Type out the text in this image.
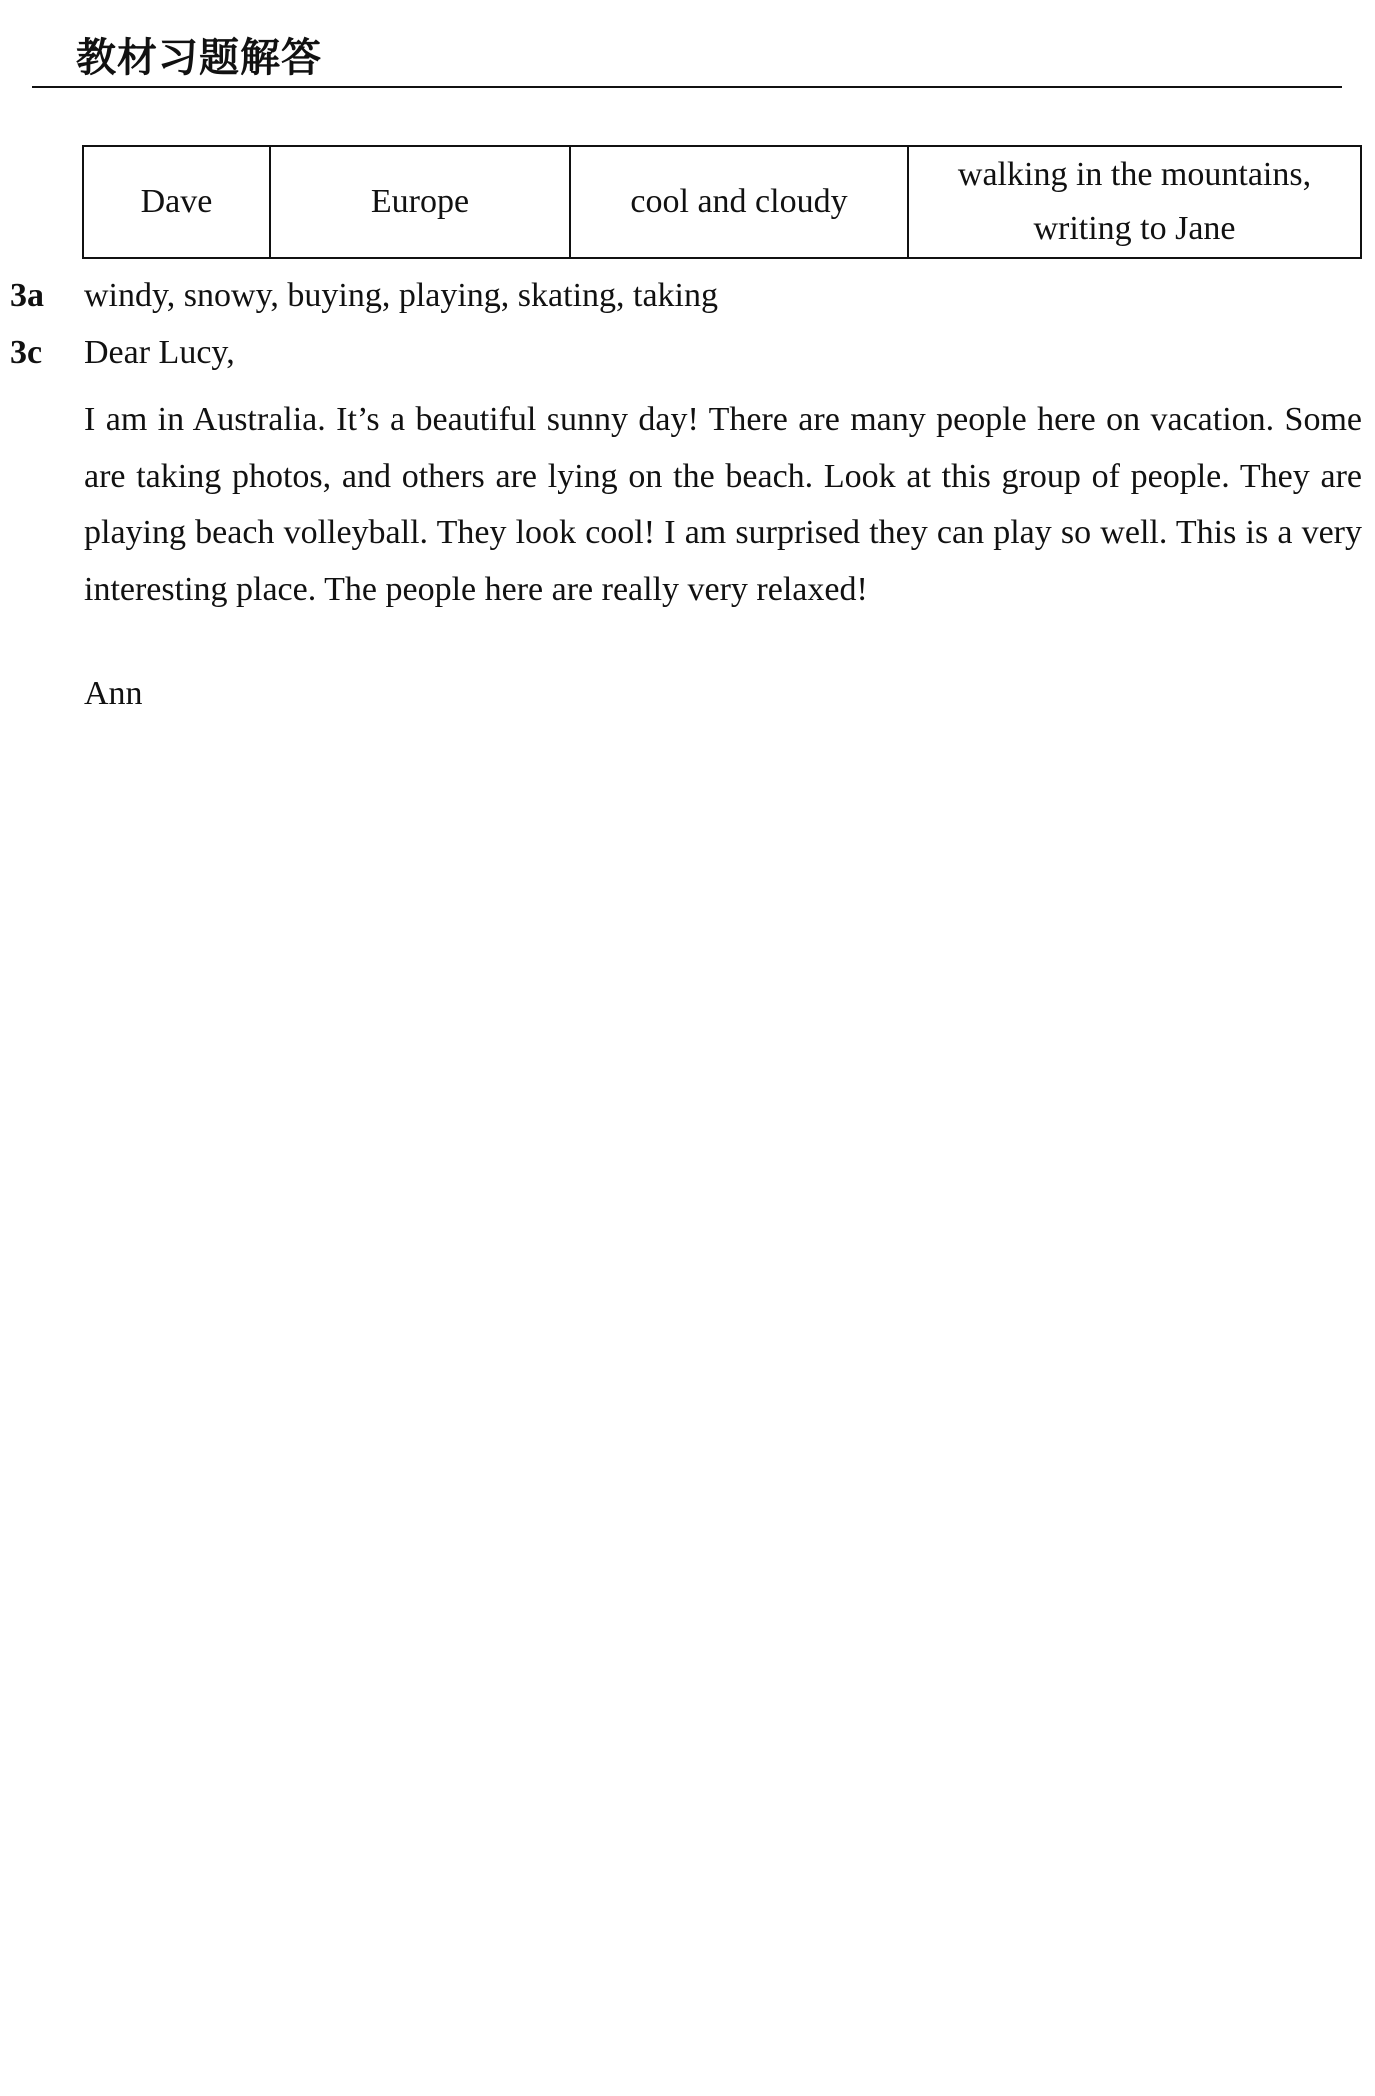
教材习题解答
Dave	Europe	cool and cloudy	walking in the mountains, writing to Jane
3a windy, snowy, buying, playing, skating, taking
3c Dear Lucy,
I am in Australia. It’s a beautiful sunny day! There are many people here on vacation. Some are taking photos, and others are lying on the beach. Look at this group of people. They are playing beach volleyball. They look cool! I am surprised they can play so well. This is a very interesting place. The people here are really very relaxed!
Ann
